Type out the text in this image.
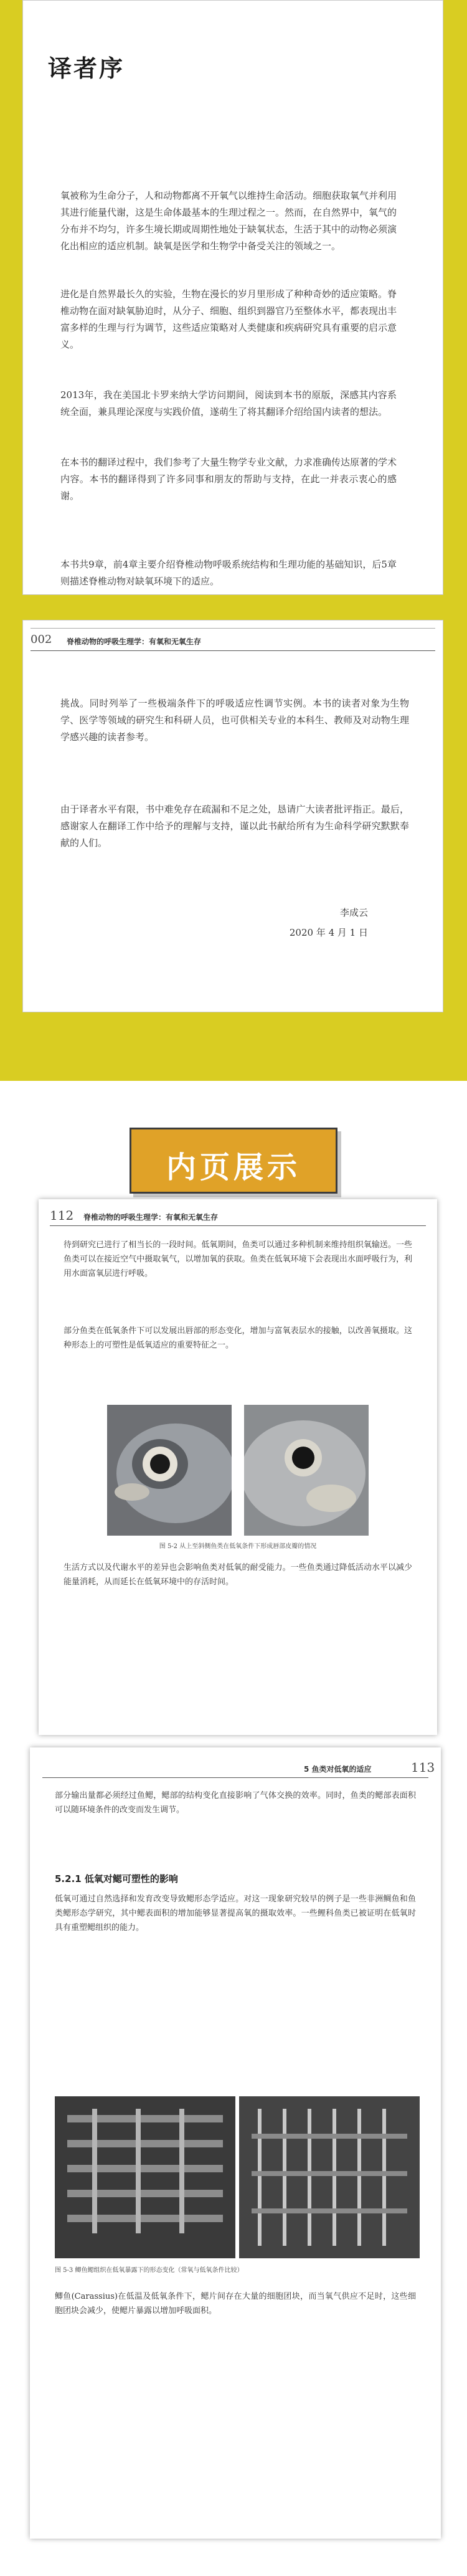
译者序
氧被称为生命分子，人和动物都离不开氧气以维持生命活动。细胞获取氧气并利用其进行能量代谢，这是生命体最基本的生理过程之一。然而，在自然界中，氧气的分布并不均匀，许多生境长期或周期性地处于缺氧状态，生活于其中的动物必须演化出相应的适应机制。缺氧是医学和生物学中备受关注的领域之一。
进化是自然界最长久的实验，生物在漫长的岁月里形成了种种奇妙的适应策略。脊椎动物在面对缺氧胁迫时，从分子、细胞、组织到器官乃至整体水平，都表现出丰富多样的生理与行为调节，这些适应策略对人类健康和疾病研究具有重要的启示意义。
2013年，我在美国北卡罗来纳大学访问期间，阅读到本书的原版，深感其内容系统全面，兼具理论深度与实践价值，遂萌生了将其翻译介绍给国内读者的想法。
在本书的翻译过程中，我们参考了大量生物学专业文献，力求准确传达原著的学术内容。本书的翻译得到了许多同事和朋友的帮助与支持，在此一并表示衷心的感谢。
本书共9章，前4章主要介绍脊椎动物呼吸系统结构和生理功能的基础知识，后5章则描述脊椎动物对缺氧环境下的适应。
002 脊椎动物的呼吸生理学：有氧和无氧生存
挑战。同时列举了一些极端条件下的呼吸适应性调节实例。本书的读者对象为生物学、医学等领域的研究生和科研人员，也可供相关专业的本科生、教师及对动物生理学感兴趣的读者参考。
由于译者水平有限，书中难免存在疏漏和不足之处，恳请广大读者批评指正。最后，感谢家人在翻译工作中给予的理解与支持，谨以此书献给所有为生命科学研究默默奉献的人们。
李成云
2020 年 4 月 1 日
内页展示
112 脊椎动物的呼吸生理学：有氧和无氧生存
待到研究已进行了相当长的一段时间。低氧期间，鱼类可以通过多种机制来维持组织氧输送。一些鱼类可以在接近空气中摄取氧气，以增加氧的获取。鱼类在低氧环境下会表现出水面呼吸行为，利用水面富氧层进行呼吸。
部分鱼类在低氧条件下可以发展出唇部的形态变化，增加与富氧表层水的接触，以改善氧摄取。这种形态上的可塑性是低氧适应的重要特征之一。
图 5-2 从上至斜侧鱼类在低氧条件下形成唇部皮瓣的情况
生活方式以及代谢水平的差异也会影响鱼类对低氧的耐受能力。一些鱼类通过降低活动水平以减少能量消耗，从而延长在低氧环境中的存活时间。
5 鱼类对低氧的适应	113
部分输出量都必须经过鱼鳃，鳃部的结构变化直接影响了气体交换的效率。同时，鱼类的鳃部表面积可以随环境条件的改变而发生调节。
5.2.1 低氧对鳃可塑性的影响
低氧可通过自然选择和发育改变导致鳃形态学适应。对这一现象研究较早的例子是一些非洲鲷鱼和鱼类鳃形态学研究，其中鳃表面积的增加能够显著提高氧的摄取效率。一些鲤科鱼类已被证明在低氧时具有重塑鳃组织的能力。
图 5-3 鲫鱼鳃组织在低氧暴露下的形态变化（常氧与低氧条件比较）
鲫鱼(Carassius)在低温及低氧条件下，鳃片间存在大量的细胞团块，而当氧气供应不足时，这些细胞团块会减少，使鳃片暴露以增加呼吸面积。
